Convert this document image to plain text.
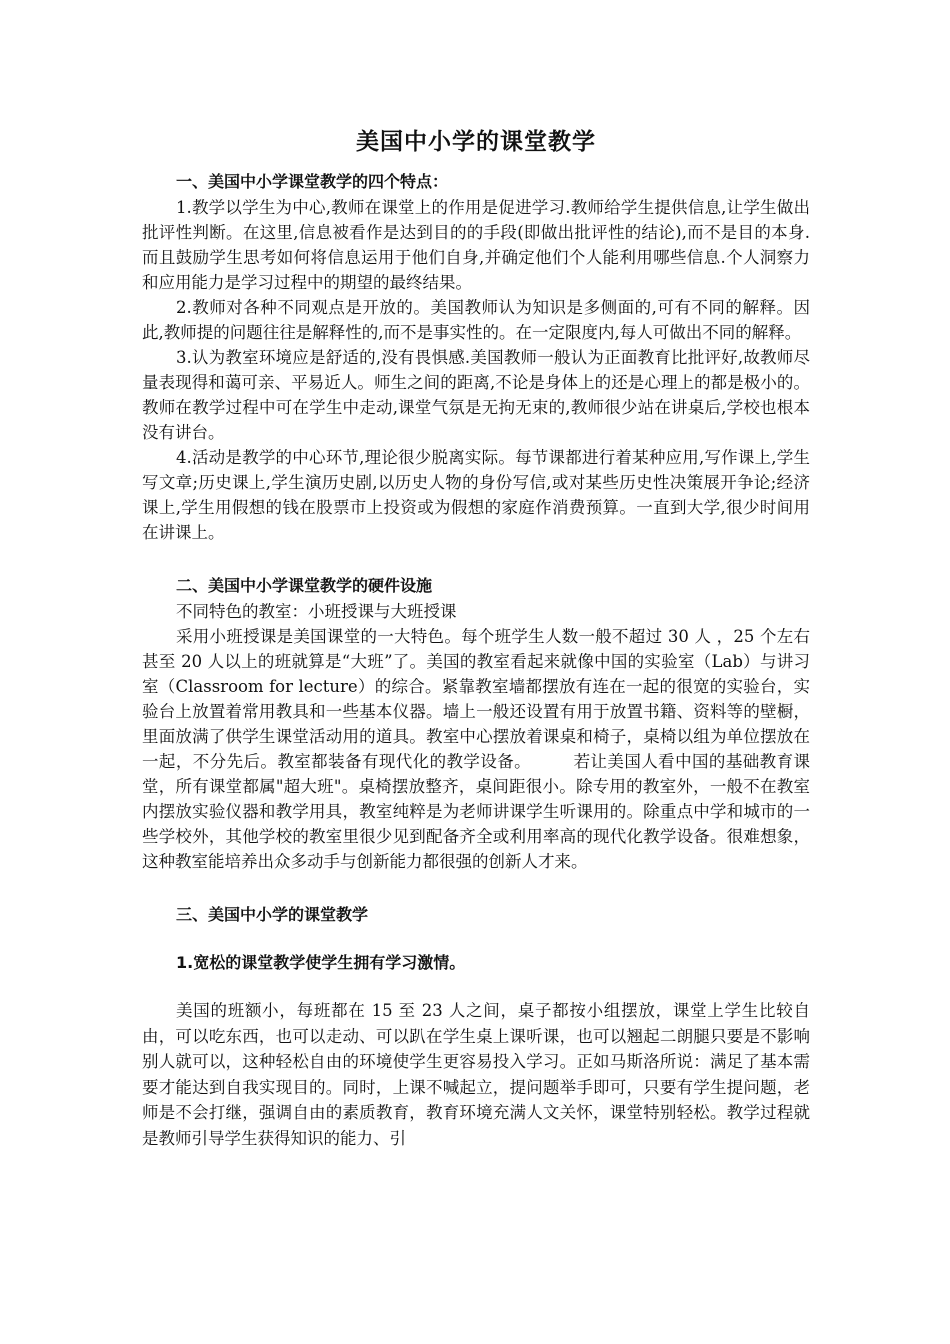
美国中小学的课堂教学
一、美国中小学课堂教学的四个特点：

1.教学以学生为中心,教师在课堂上的作用是促进学习.教师给学生提供信息,让学生做出批评性判断。在这里,信息被看作是达到目的的手段(即做出批评性的结论),而不是目的本身.而且鼓励学生思考如何将信息运用于他们自身,并确定他们个人能利用哪些信息.个人洞察力和应用能力是学习过程中的期望的最终结果。

2.教师对各种不同观点是开放的。美国教师认为知识是多侧面的,可有不同的解释。因此,教师提的问题往往是解释性的,而不是事实性的。在一定限度内,每人可做出不同的解释。

3.认为教室环境应是舒适的,没有畏惧感.美国教师一般认为正面教育比批评好,故教师尽量表现得和蔼可亲、平易近人。师生之间的距离,不论是身体上的还是心理上的都是极小的。教师在教学过程中可在学生中走动,课堂气氛是无拘无束的,教师很少站在讲桌后,学校也根本没有讲台。

4.活动是教学的中心环节,理论很少脱离实际。每节课都进行着某种应用,写作课上,学生写文章;历史课上,学生演历史剧,以历史人物的身份写信,或对某些历史性决策展开争论;经济课上,学生用假想的钱在股票市上投资或为假想的家庭作消费预算。一直到大学,很少时间用在讲课上。

二、美国中小学课堂教学的硬件设施

不同特色的教室：小班授课与大班授课

采用小班授课是美国课堂的一大特色。每个班学生人数一般不超过 30 人 ，25 个左右甚至 20 人以上的班就算是“大班”了。美国的教室看起来就像中国的实验室（Lab）与讲习室（Classroom for lecture）的综合。紧靠教室墙都摆放有连在一起的很宽的实验台，实验台上放置着常用教具和一些基本仪器。墙上一般还设置有用于放置书籍、资料等的壁橱，里面放满了供学生课堂活动用的道具。教室中心摆放着课桌和椅子，桌椅以组为单位摆放在一起，不分先后。教室都装备有现代化的教学设备。　　　若让美国人看中国的基础教育课堂，所有课堂都属"超大班"。桌椅摆放整齐，桌间距很小。除专用的教室外，一般不在教室内摆放实验仪器和教学用具，教室纯粹是为老师讲课学生听课用的。除重点中学和城市的一些学校外，其他学校的教室里很少见到配备齐全或利用率高的现代化教学设备。很难想象，这种教室能培养出众多动手与创新能力都很强的创新人才来。

三、美国中小学的课堂教学
1.宽松的课堂教学使学生拥有学习激情。

美国的班额小，每班都在 15 至 23 人之间，桌子都按小组摆放，课堂上学生比较自由，可以吃东西，也可以走动、可以趴在学生桌上课听课，也可以翘起二朗腿只要是不影响别人就可以，这种轻松自由的环境使学生更容易投入学习。正如马斯洛所说：满足了基本需要才能达到自我实现目的。同时，上课不喊起立，提问题举手即可，只要有学生提问题，老师是不会打继，强调自由的素质教育，教育环境充满人文关怀，课堂特别轻松。教学过程就是教师引导学生获得知识的能力、引
